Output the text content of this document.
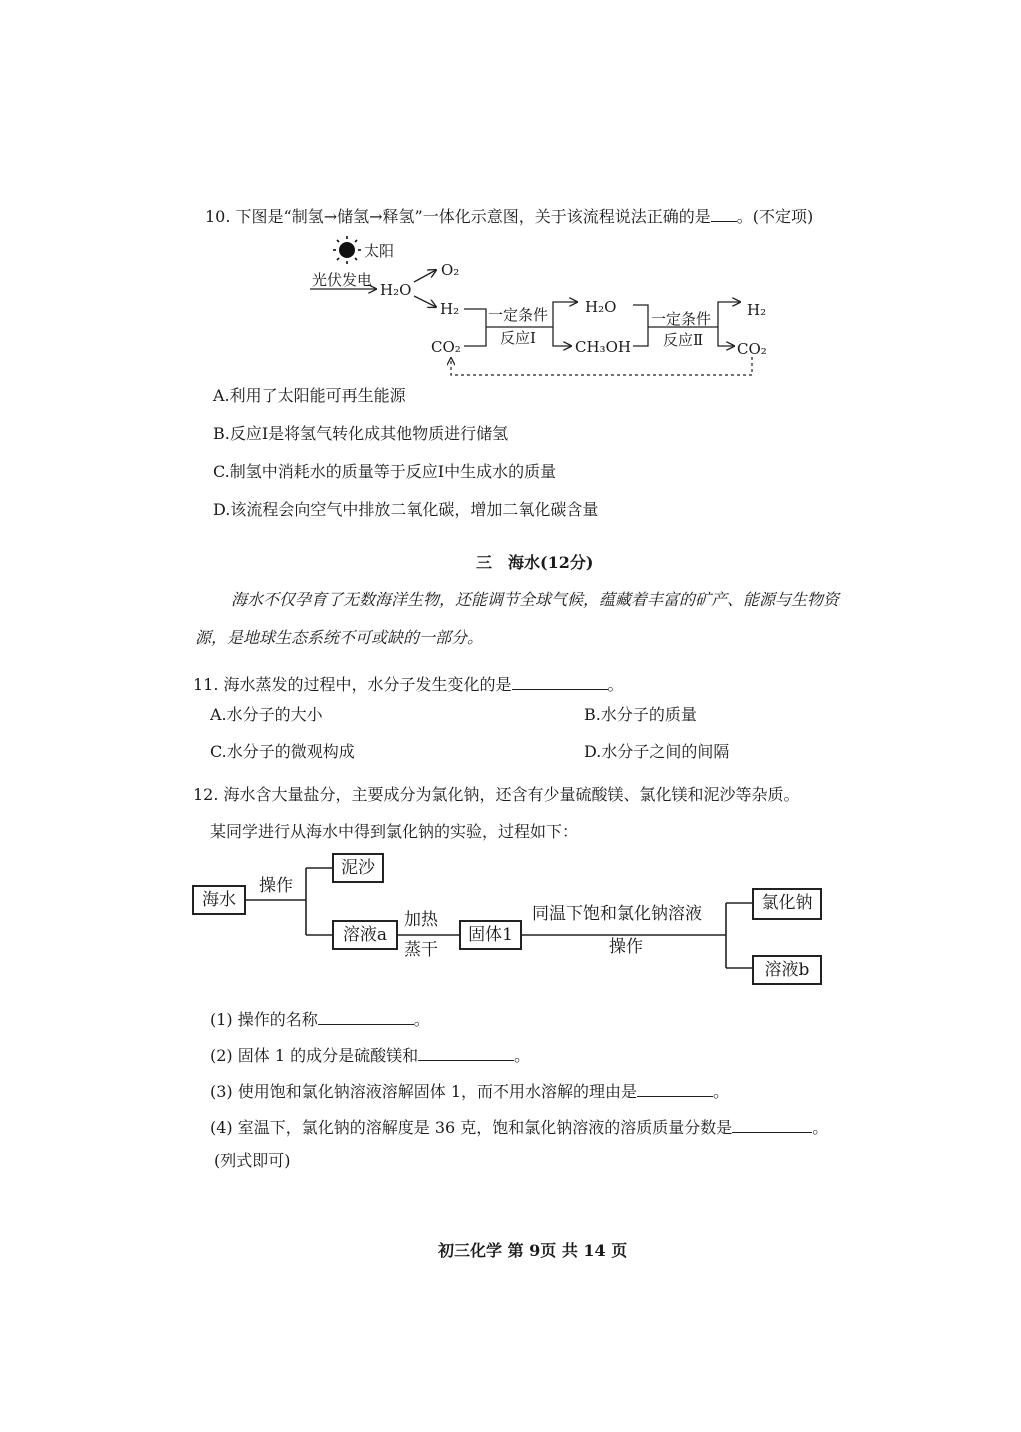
10. 下图是“制氢→储氢→释氢”一体化示意图，关于该流程说法正确的是 。(不定项)
太阳
光伏发电
H₂O
O₂
H₂
CO₂
一定条件
反应Ⅰ
H₂O
CH₃OH
一定条件
反应Ⅱ
H₂
CO₂
A.利用了太阳能可再生能源
B.反应Ⅰ是将氢气转化成其他物质进行储氢
C.制氢中消耗水的质量等于反应Ⅰ中生成水的质量
D.该流程会向空气中排放二氧化碳，增加二氧化碳含量
三　海水(12分)
海水不仅孕育了无数海洋生物，还能调节全球气候，蕴藏着丰富的矿产、能源与生物资
源，是地球生态系统不可或缺的一部分。
11. 海水蒸发的过程中，水分子发生变化的是	。
A.水分子的大小	B.水分子的质量
C.水分子的微观构成	D.水分子之间的间隔
12. 海水含大量盐分，主要成分为氯化钠，还含有少量硫酸镁、氯化镁和泥沙等杂质。
某同学进行从海水中得到氯化钠的实验，过程如下：
海水
操作
泥沙
溶液a
加热
蒸干
固体1
同温下饱和氯化钠溶液
操作
氯化钠
溶液b
(1) 操作的名称	。
(2) 固体 1 的成分是硫酸镁和	。
(3) 使用饱和氯化钠溶液溶解固体 1，而不用水溶解的理由是	。
(4) 室温下，氯化钠的溶解度是 36 克，饱和氯化钠溶液的溶质质量分数是	。
(列式即可)
初三化学 第 9页 共 14 页
